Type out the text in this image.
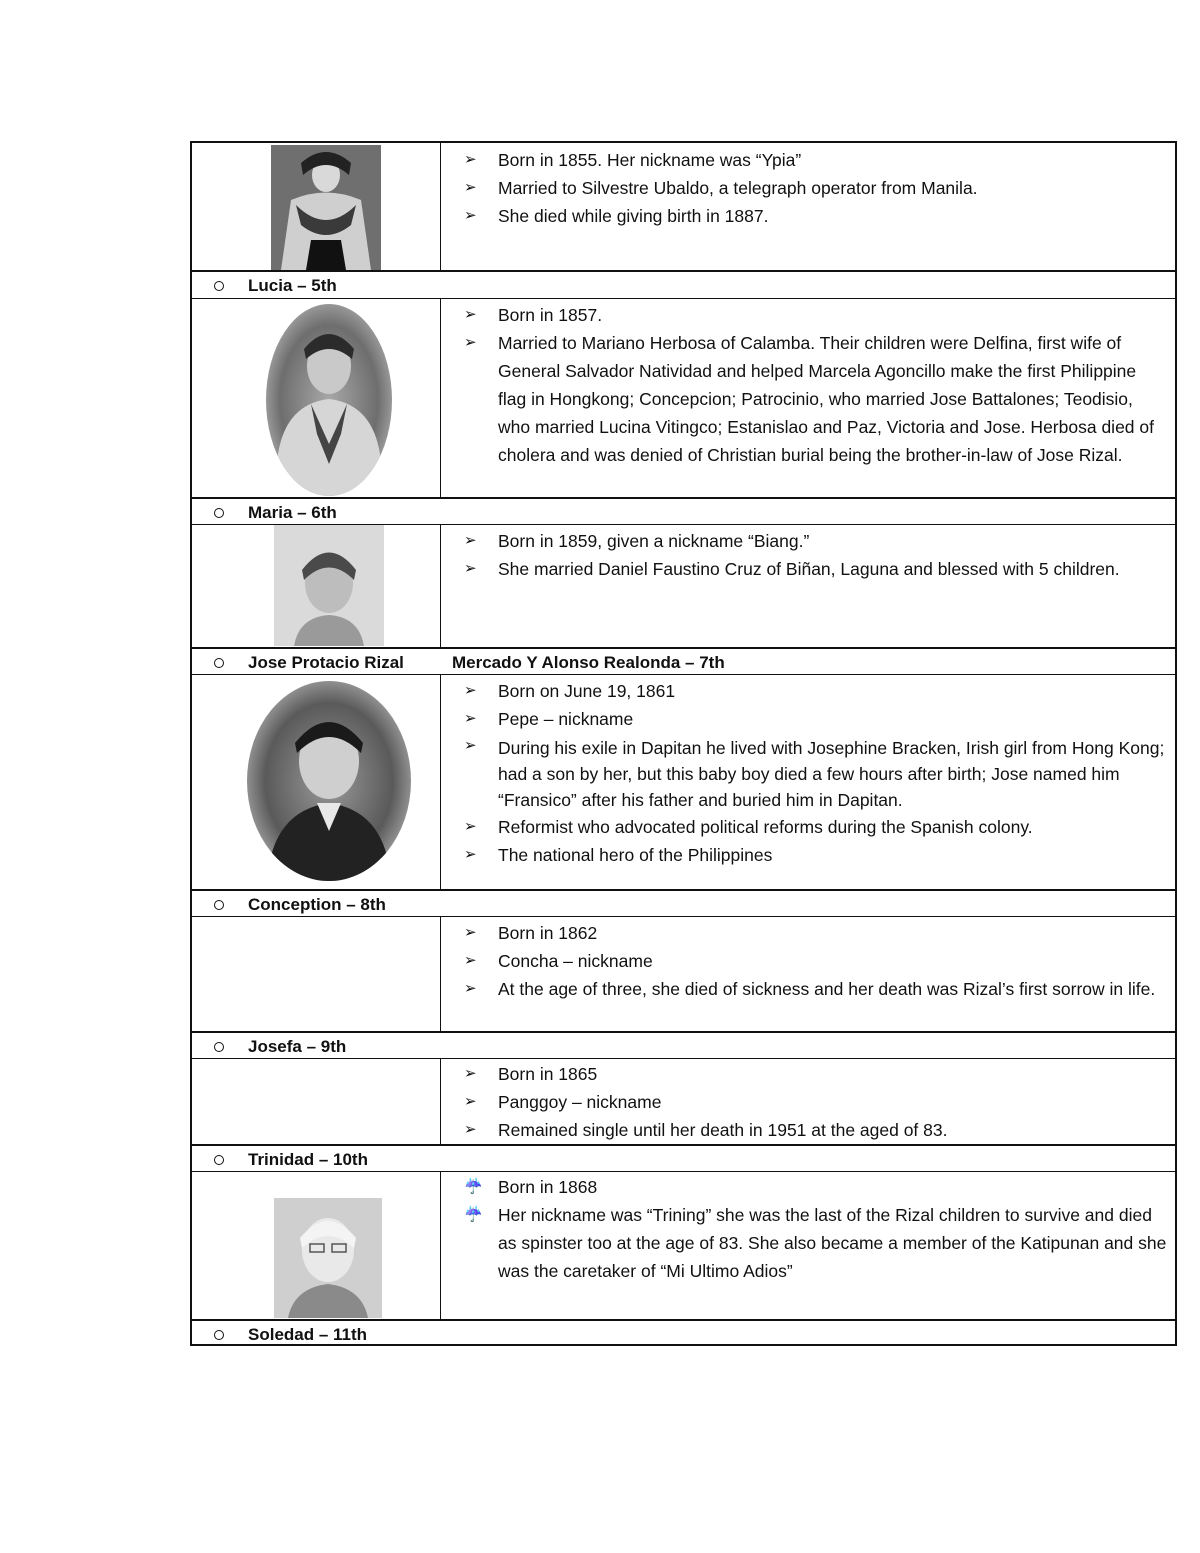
➢ Born in 1855. Her nickname was “Ypia”
➢ Married to Silvestre Ubaldo, a telegraph operator from Manila.
➢ She died while giving birth in 1887.
Lucia – 5th
➢ Born in 1857.
➢ Married to Mariano Herbosa of Calamba. Their children were Delfina, first wife of General Salvador Natividad and helped Marcela Agoncillo make the first Philippine flag in Hongkong; Concepcion; Patrocinio, who married Jose Battalones; Teodisio, who married Lucina Vitingco; Estanislao and Paz, Victoria and Jose. Herbosa died of cholera and was denied of Christian burial being the brother-in-law of Jose Rizal.
Maria – 6th
➢ Born in 1859, given a nickname “Biang.”
➢ She married Daniel Faustino Cruz of Biñan, Laguna and blessed with 5 children.
Jose Protacio Rizal	Mercado Y Alonso Realonda – 7th
➢ Born on June 19, 1861
➢ Pepe – nickname
➢ During his exile in Dapitan he lived with Josephine Bracken, Irish girl from Hong Kong; had a son by her, but this baby boy died a few hours after birth; Jose named him “Fransico” after his father and buried him in Dapitan.
➢ Reformist who advocated political reforms during the Spanish colony.
➢ The national hero of the Philippines
Conception – 8th
➢ Born in 1862
➢ Concha – nickname
➢ At the age of three, she died of sickness and her death was Rizal’s first sorrow in life.
Josefa – 9th
➢ Born in 1865
➢ Panggoy – nickname
➢ Remained single until her death in 1951 at the aged of 83.
Trinidad – 10th
☔ Born in 1868
☔ Her nickname was “Trining” she was the last of the Rizal children to survive and died as spinster too at the age of 83. She also became a member of the Katipunan and she was the caretaker of “Mi Ultimo Adios”
Soledad – 11th
